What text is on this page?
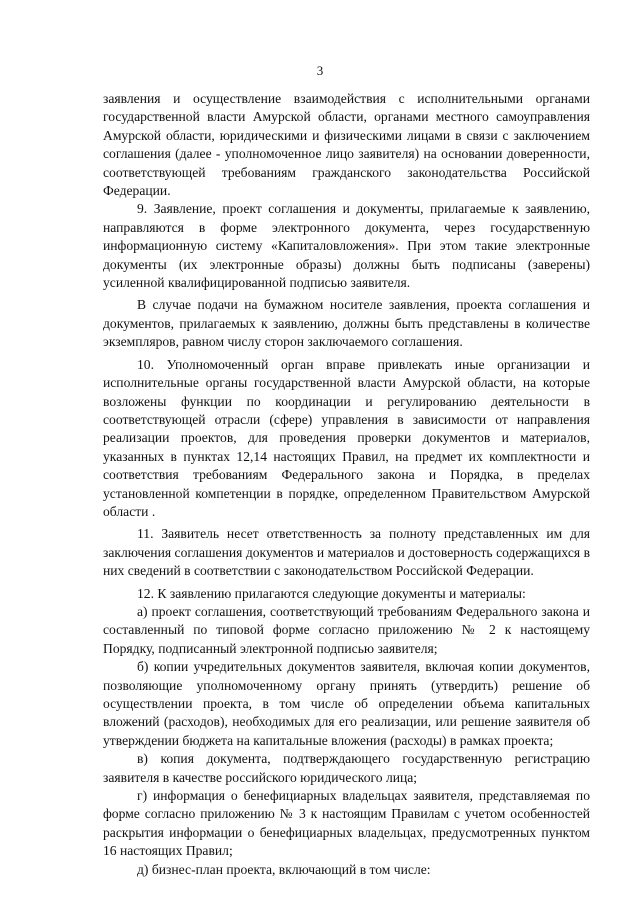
3

заявления и осуществление взаимодействия с исполнительными органами государственной власти Амурской области, органами местного самоуправления Амурской области, юридическими и физическими лицами в связи с заключением соглашения (далее - уполномоченное лицо заявителя) на основании доверенности, соответствующей требованиям гражданского законодательства Российской Федерации.

9. Заявление, проект соглашения и документы, прилагаемые к заявлению, направляются в форме электронного документа, через государственную информационную систему «Капиталовложения». При этом такие электронные документы (их электронные образы) должны быть подписаны (заверены) усиленной квалифицированной подписью заявителя.

В случае подачи на бумажном носителе заявления, проекта соглашения и документов, прилагаемых к заявлению, должны быть представлены в количестве экземпляров, равном числу сторон заключаемого соглашения.

10. Уполномоченный орган вправе привлекать иные организации и исполнительные органы государственной власти Амурской области, на которые возложены функции по координации и регулированию деятельности в соответствующей отрасли (сфере) управления в зависимости от направления реализации проектов, для проведения проверки документов и материалов, указанных в пунктах 12,14 настоящих Правил, на предмет их комплектности и соответствия требованиям Федерального закона и Порядка, в пределах установленной компетенции в порядке, определенном Правительством Амурской области .

11. Заявитель несет ответственность за полноту представленных им для заключения соглашения документов и материалов и достоверность содержащихся в них сведений в соответствии с законодательством Российской Федерации.

12. К заявлению прилагаются следующие документы и материалы:

а) проект соглашения, соответствующий требованиям Федерального закона и составленный по типовой форме согласно приложению № 2 к настоящему Порядку, подписанный электронной подписью заявителя;

б) копии учредительных документов заявителя, включая копии документов, позволяющие уполномоченному органу принять (утвердить) решение об осуществлении проекта, в том числе об определении объема капитальных вложений (расходов), необходимых для его реализации, или решение заявителя об утверждении бюджета на капитальные вложения (расходы) в рамках проекта;

в) копия документа, подтверждающего государственную регистрацию заявителя в качестве российского юридического лица;

г) информация о бенефициарных владельцах заявителя, представляемая по форме согласно приложению № 3 к настоящим Правилам с учетом особенностей раскрытия информации о бенефициарных владельцах, предусмотренных пунктом 16 настоящих Правил;

д) бизнес-план проекта, включающий в том числе:
